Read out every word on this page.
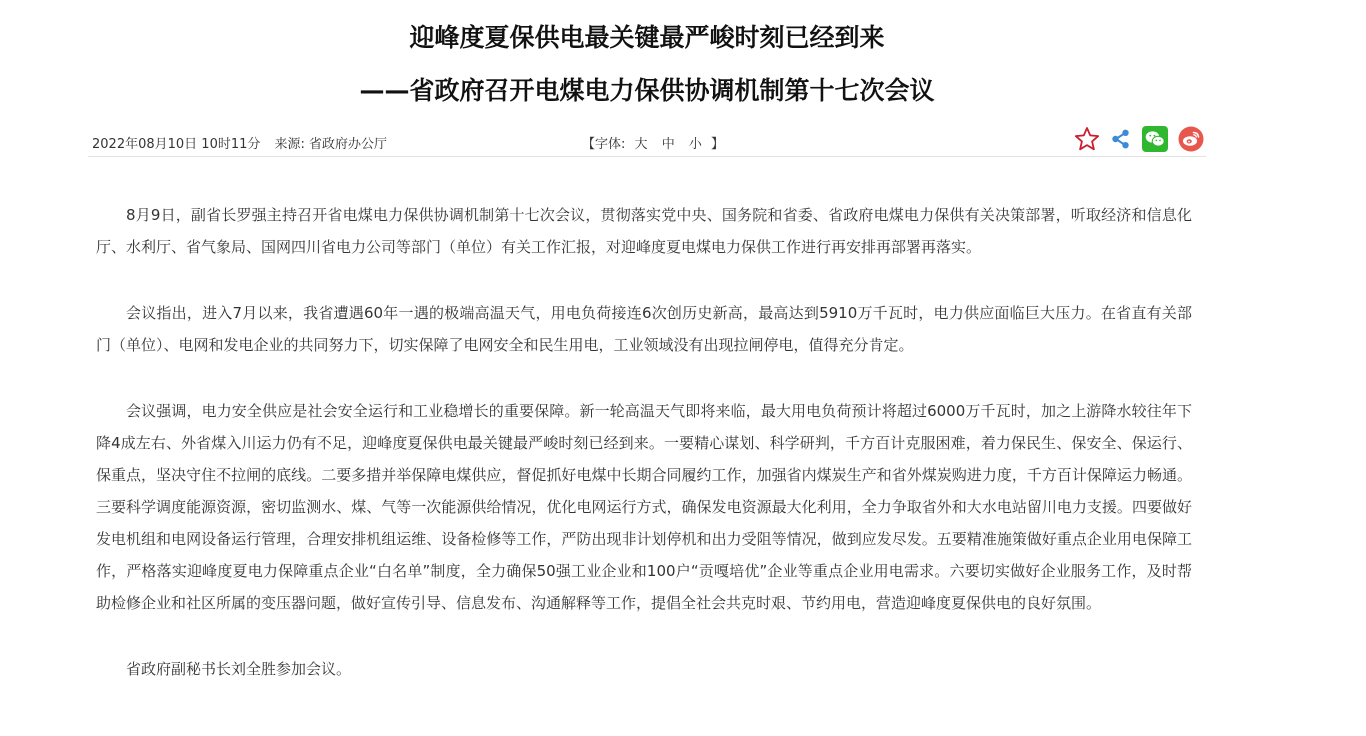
迎峰度夏保供电最关键最严峻时刻已经到来
——省政府召开电煤电力保供协调机制第十七次会议
2022年08月10日 10时11分 来源: 省政府办公厅	【字体: 大 中 小 】

8月9日，副省长罗强主持召开省电煤电力保供协调机制第十七次会议，贯彻落实党中央、国务院和省委、省政府电煤电力保供有关决策部署，听取经济和信息化厅、水利厅、省气象局、国网四川省电力公司等部门（单位）有关工作汇报，对迎峰度夏电煤电力保供工作进行再安排再部署再落实。

会议指出，进入7月以来，我省遭遇60年一遇的极端高温天气，用电负荷接连6次创历史新高，最高达到5910万千瓦时，电力供应面临巨大压力。在省直有关部门（单位）、电网和发电企业的共同努力下，切实保障了电网安全和民生用电，工业领域没有出现拉闸停电，值得充分肯定。

会议强调，电力安全供应是社会安全运行和工业稳增长的重要保障。新一轮高温天气即将来临，最大用电负荷预计将超过6000万千瓦时，加之上游降水较往年下降4成左右、外省煤入川运力仍有不足，迎峰度夏保供电最关键最严峻时刻已经到来。一要精心谋划、科学研判，千方百计克服困难，着力保民生、保安全、保运行、保重点，坚决守住不拉闸的底线。二要多措并举保障电煤供应，督促抓好电煤中长期合同履约工作，加强省内煤炭生产和省外煤炭购进力度，千方百计保障运力畅通。三要科学调度能源资源，密切监测水、煤、气等一次能源供给情况，优化电网运行方式，确保发电资源最大化利用，全力争取省外和大水电站留川电力支援。四要做好发电机组和电网设备运行管理，合理安排机组运维、设备检修等工作，严防出现非计划停机和出力受阻等情况，做到应发尽发。五要精准施策做好重点企业用电保障工作，严格落实迎峰度夏电力保障重点企业“白名单”制度，全力确保50强工业企业和100户“贡嘎培优”企业等重点企业用电需求。六要切实做好企业服务工作，及时帮助检修企业和社区所属的变压器问题，做好宣传引导、信息发布、沟通解释等工作，提倡全社会共克时艰、节约用电，营造迎峰度夏保供电的良好氛围。

省政府副秘书长刘全胜参加会议。
